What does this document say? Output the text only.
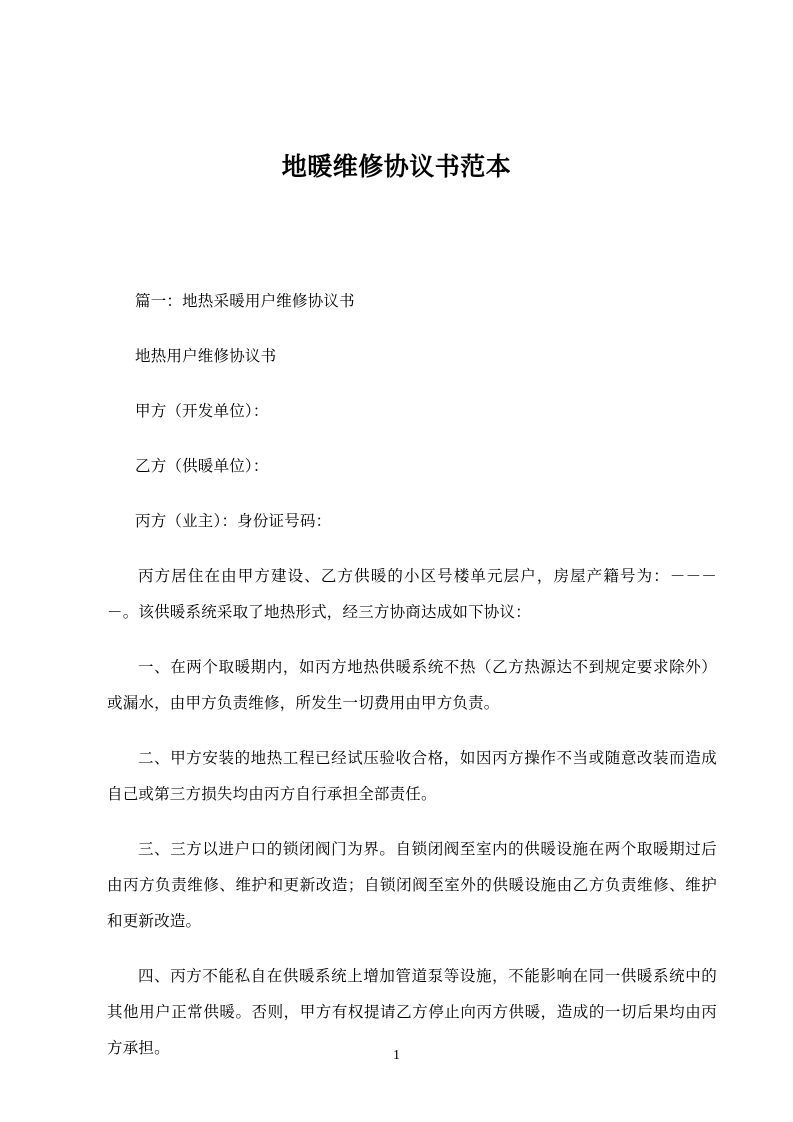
地暖维修协议书范本

篇一：地热采暖用户维修协议书

地热用户维修协议书

甲方（开发单位）：

乙方（供暖单位）：

丙方（业主）：身份证号码：

丙方居住在由甲方建设、乙方供暖的小区号楼单元层户，房屋产籍号为：－－－－。该供暖系统采取了地热形式，经三方协商达成如下协议：

一、在两个取暖期内，如丙方地热供暖系统不热（乙方热源达不到规定要求除外）或漏水，由甲方负责维修，所发生一切费用由甲方负责。

二、甲方安装的地热工程已经试压验收合格，如因丙方操作不当或随意改装而造成自己或第三方损失均由丙方自行承担全部责任。

三、三方以进户口的锁闭阀门为界。自锁闭阀至室内的供暖设施在两个取暖期过后由丙方负责维修、维护和更新改造；自锁闭阀至室外的供暖设施由乙方负责维修、维护和更新改造。

四、丙方不能私自在供暖系统上增加管道泵等设施，不能影响在同一供暖系统中的其他用户正常供暖。否则，甲方有权提请乙方停止向丙方供暖，造成的一切后果均由丙方承担。	1
